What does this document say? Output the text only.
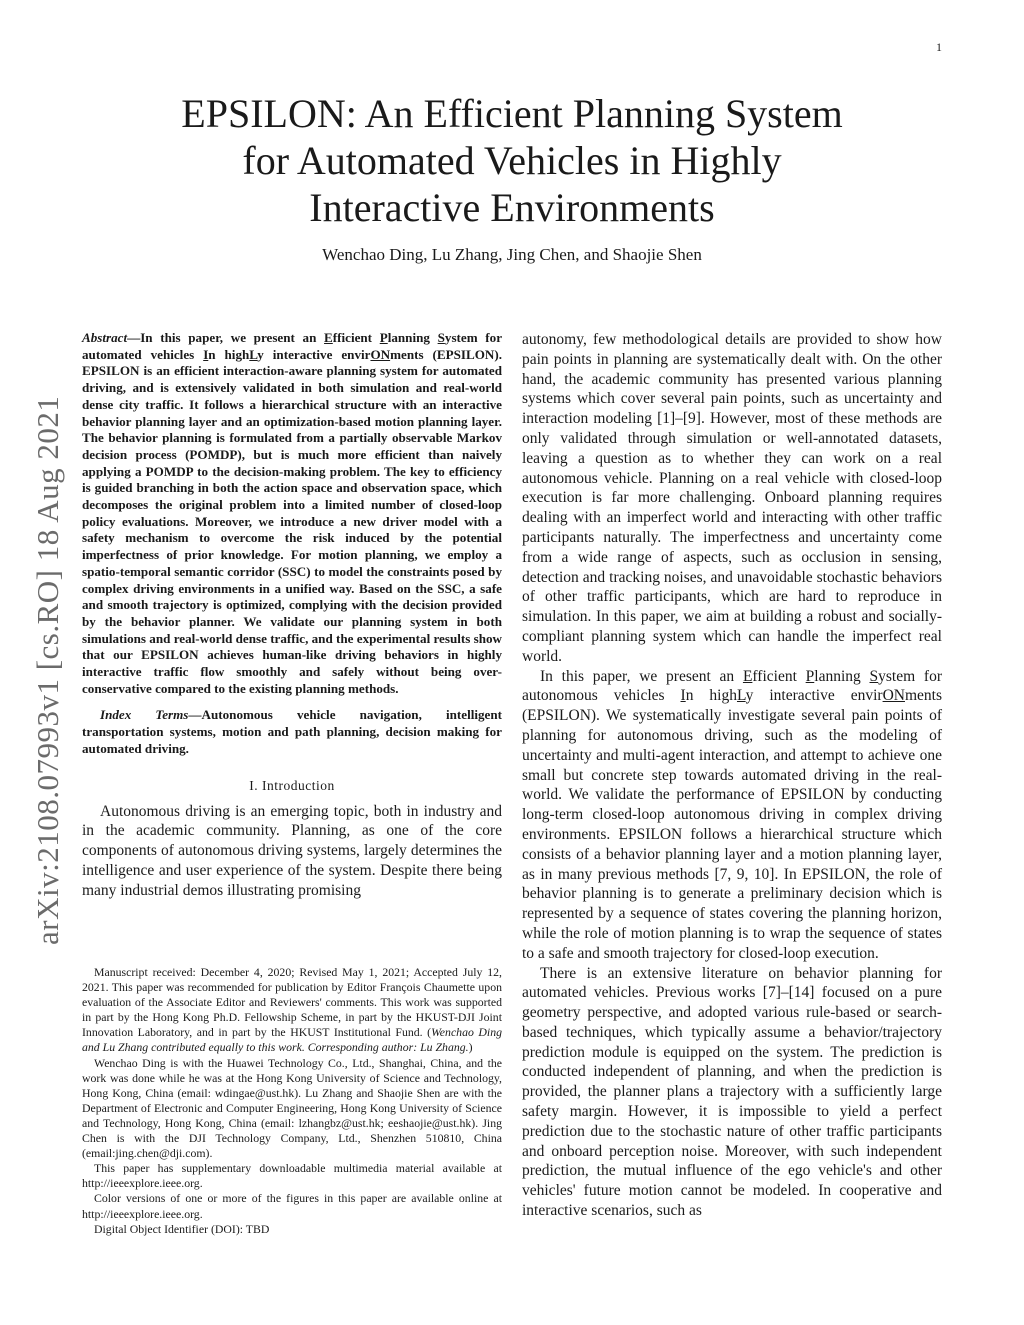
1
arXiv:2108.07993v1 [cs.RO] 18 Aug 2021
EPSILON: An Efficient Planning System
for Automated Vehicles in Highly
Interactive Environments
Wenchao Ding, Lu Zhang, Jing Chen, and Shaojie Shen

Abstract—In this paper, we present an Efficient Planning System for automated vehicles In highLy interactive envirONments (EPSILON). EPSILON is an efficient interaction-aware planning system for automated driving, and is extensively validated in both simulation and real-world dense city traffic. It follows a hierarchical structure with an interactive behavior planning layer and an optimization-based motion planning layer. The behavior planning is formulated from a partially observable Markov decision process (POMDP), but is much more efficient than naively applying a POMDP to the decision-making problem. The key to efficiency is guided branching in both the action space and observation space, which decomposes the original problem into a limited number of closed-loop policy evaluations. Moreover, we introduce a new driver model with a safety mechanism to overcome the risk induced by the potential imperfectness of prior knowledge. For motion planning, we employ a spatio-temporal semantic corridor (SSC) to model the constraints posed by complex driving environments in a unified way. Based on the SSC, a safe and smooth trajectory is optimized, complying with the decision provided by the behavior planner. We validate our planning system in both simulations and real-world dense traffic, and the experimental results show that our EPSILON achieves human-like driving behaviors in highly interactive traffic flow smoothly and safely without being over-conservative compared to the existing planning methods.

Index Terms—Autonomous vehicle navigation, intelligent transportation systems, motion and path planning, decision making for automated driving.

I. Introduction

Autonomous driving is an emerging topic, both in industry and in the academic community. Planning, as one of the core components of autonomous driving systems, largely determines the intelligence and user experience of the system. Despite there being many industrial demos illustrating promising

Manuscript received: December 4, 2020; Revised May 1, 2021; Accepted July 12, 2021. This paper was recommended for publication by Editor François Chaumette upon evaluation of the Associate Editor and Reviewers' comments. This work was supported in part by the Hong Kong Ph.D. Fellowship Scheme, in part by the HKUST-DJI Joint Innovation Laboratory, and in part by the HKUST Institutional Fund. (Wenchao Ding and Lu Zhang contributed equally to this work. Corresponding author: Lu Zhang.)

Wenchao Ding is with the Huawei Technology Co., Ltd., Shanghai, China, and the work was done while he was at the Hong Kong University of Science and Technology, Hong Kong, China (email: wdingae@ust.hk). Lu Zhang and Shaojie Shen are with the Department of Electronic and Computer Engineering, Hong Kong University of Science and Technology, Hong Kong, China (email: lzhangbz@ust.hk; eeshaojie@ust.hk). Jing Chen is with the DJI Technology Company, Ltd., Shenzhen 510810, China (email:jing.chen@dji.com).

This paper has supplementary downloadable multimedia material available at http://ieeexplore.ieee.org.

Color versions of one or more of the figures in this paper are available online at http://ieeexplore.ieee.org.

Digital Object Identifier (DOI): TBD

autonomy, few methodological details are provided to show how pain points in planning are systematically dealt with. On the other hand, the academic community has presented various planning systems which cover several pain points, such as uncertainty and interaction modeling [1]–[9]. However, most of these methods are only validated through simulation or well-annotated datasets, leaving a question as to whether they can work on a real autonomous vehicle. Planning on a real vehicle with closed-loop execution is far more challenging. Onboard planning requires dealing with an imperfect world and interacting with other traffic participants naturally. The imperfectness and uncertainty come from a wide range of aspects, such as occlusion in sensing, detection and tracking noises, and unavoidable stochastic behaviors of other traffic participants, which are hard to reproduce in simulation. In this paper, we aim at building a robust and socially-compliant planning system which can handle the imperfect real world.

In this paper, we present an Efficient Planning System for autonomous vehicles In highLy interactive envirONments (EPSILON). We systematically investigate several pain points of planning for autonomous driving, such as the modeling of uncertainty and multi-agent interaction, and attempt to achieve one small but concrete step towards automated driving in the real-world. We validate the performance of EPSILON by conducting long-term closed-loop autonomous driving in complex driving environments. EPSILON follows a hierarchical structure which consists of a behavior planning layer and a motion planning layer, as in many previous methods [7, 9, 10]. In EPSILON, the role of behavior planning is to generate a preliminary decision which is represented by a sequence of states covering the planning horizon, while the role of motion planning is to wrap the sequence of states to a safe and smooth trajectory for closed-loop execution.

There is an extensive literature on behavior planning for automated vehicles. Previous works [7]–[14] focused on a pure geometry perspective, and adopted various rule-based or search-based techniques, which typically assume a behavior/trajectory prediction module is equipped on the system. The prediction is conducted independent of planning, and when the prediction is provided, the planner plans a trajectory with a sufficiently large safety margin. However, it is impossible to yield a perfect prediction due to the stochastic nature of other traffic participants and onboard perception noise. Moreover, with such independent prediction, the mutual influence of the ego vehicle's and other vehicles' future motion cannot be modeled. In cooperative and interactive scenarios, such as
